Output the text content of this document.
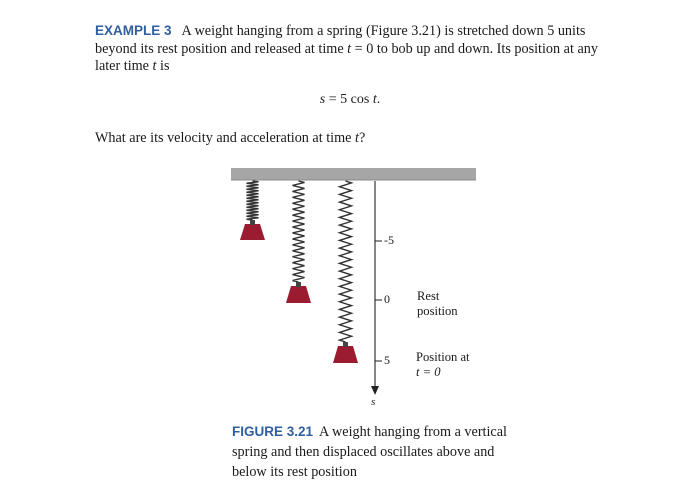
EXAMPLE 3 A weight hanging from a spring (Figure 3.21) is stretched down 5 units beyond its rest position and released at time t = 0 to bob up and down. Its position at any later time t is
s = 5 cos t.
What are its velocity and acceleration at time t?
-5
0
5
s
Rest
position
Position at
t = 0
FIGURE 3.21 A weight hanging from a vertical spring and then displaced oscillates above and below its rest position
